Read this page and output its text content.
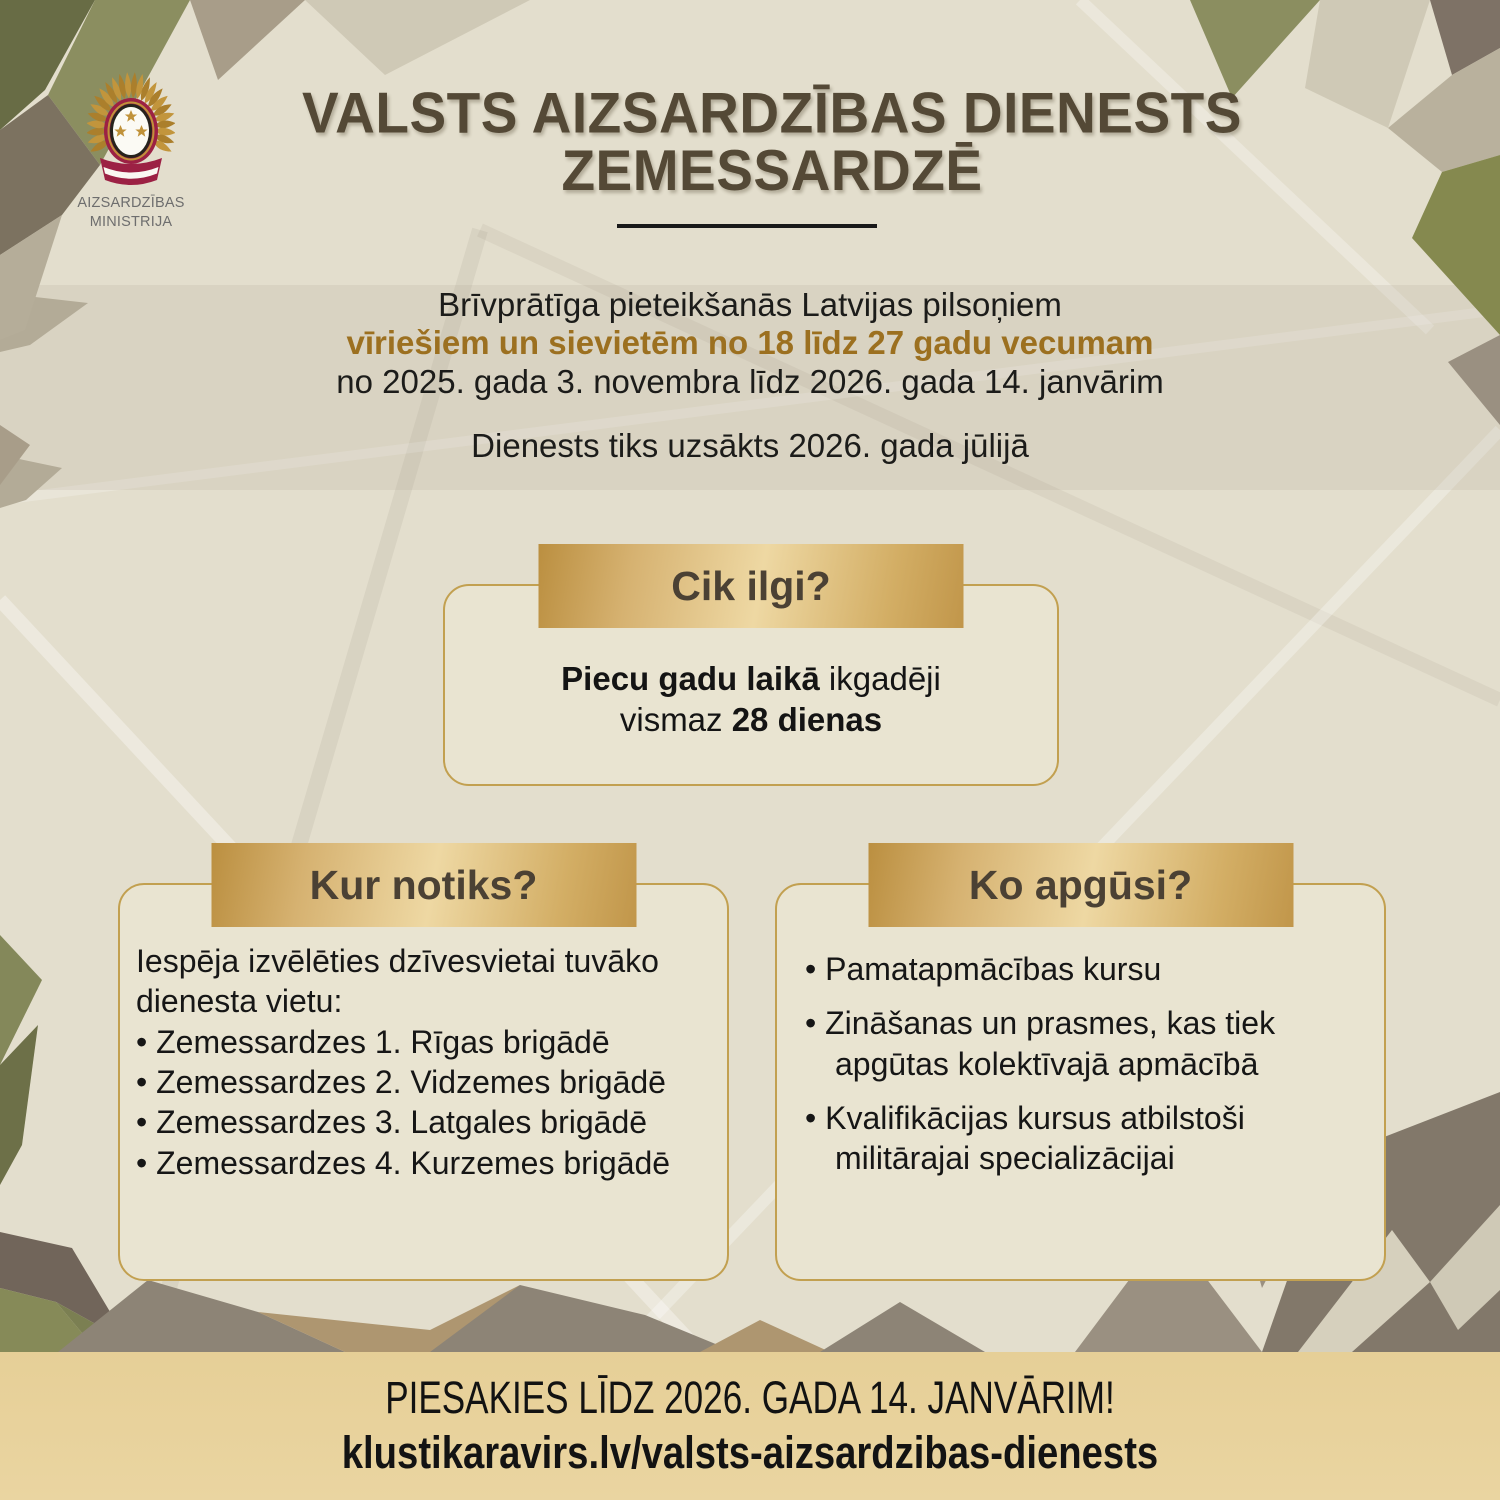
AIZSARDZĪBAS
MINISTRIJA
VALSTS AIZSARDZĪBAS DIENESTS
ZEMESSARDZĒ
Brīvprātīga pieteikšanās Latvijas pilsoņiem
vīriešiem un sievietēm no 18 līdz 27 gadu vecumam
no 2025. gada 3. novembra līdz 2026. gada 14. janvārim
Dienests tiks uzsākts 2026. gada jūlijā
Cik ilgi?
Piecu gadu laikā ikgadēji
vismaz 28 dienas
Kur notiks?
Iespēja izvēlēties dzīvesvietai tuvāko dienesta vietu:
• Zemessardzes 1. Rīgas brigādē
• Zemessardzes 2. Vidzemes brigādē
• Zemessardzes 3. Latgales brigādē
• Zemessardzes 4. Kurzemes brigādē
Ko apgūsi?
• Pamatapmācības kursu
• Zināšanas un prasmes, kas tiek apgūtas kolektīvajā apmācībā
• Kvalifikācijas kursus atbilstoši militārajai specializācijai
PIESAKIES LĪDZ 2026. GADA 14. JANVĀRIM!
klustikaravirs.lv/valsts-aizsardzibas-dienests
